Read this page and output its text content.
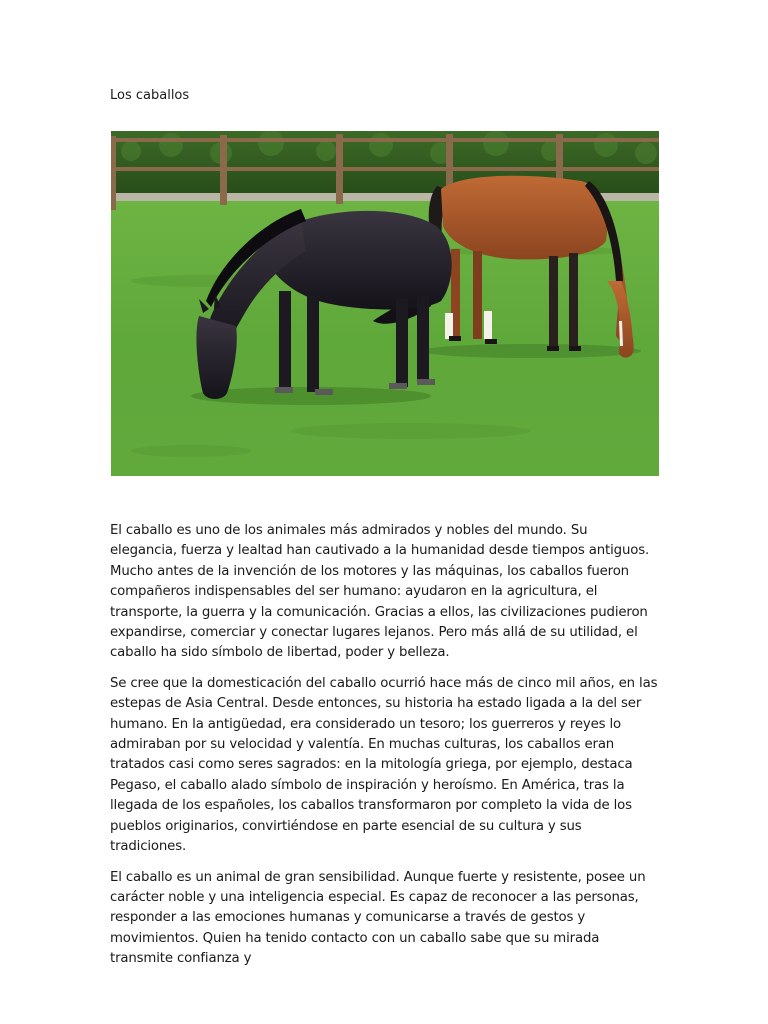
Los caballos

El caballo es uno de los animales más admirados y nobles del mundo. Su elegancia, fuerza y lealtad han cautivado a la humanidad desde tiempos antiguos. Mucho antes de la invención de los motores y las máquinas, los caballos fueron compañeros indispensables del ser humano: ayudaron en la agricultura, el transporte, la guerra y la comunicación. Gracias a ellos, las civilizaciones pudieron expandirse, comerciar y conectar lugares lejanos. Pero más allá de su utilidad, el caballo ha sido símbolo de libertad, poder y belleza.

Se cree que la domesticación del caballo ocurrió hace más de cinco mil años, en las estepas de Asia Central. Desde entonces, su historia ha estado ligada a la del ser humano. En la antigüedad, era considerado un tesoro; los guerreros y reyes lo admiraban por su velocidad y valentía. En muchas culturas, los caballos eran tratados casi como seres sagrados: en la mitología griega, por ejemplo, destaca Pegaso, el caballo alado símbolo de inspiración y heroísmo. En América, tras la llegada de los españoles, los caballos transformaron por completo la vida de los pueblos originarios, convirtiéndose en parte esencial de su cultura y sus tradiciones.

El caballo es un animal de gran sensibilidad. Aunque fuerte y resistente, posee un carácter noble y una inteligencia especial. Es capaz de reconocer a las personas, responder a las emociones humanas y comunicarse a través de gestos y movimientos. Quien ha tenido contacto con un caballo sabe que su mirada transmite confianza y
